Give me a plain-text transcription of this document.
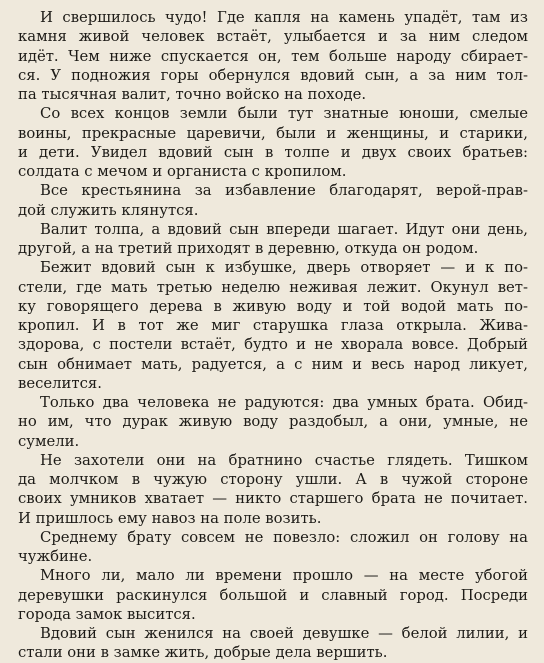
И свершилось чудо! Где капля на камень упадёт, там из
камня живой человек встаёт, улыбается и за ним следом
идёт. Чем ниже спускается он, тем больше народу сбирает-
ся. У подножия горы обернулся вдовий сын, а за ним тол-
па тысячная валит, точно войско на походе.

Со всех концов земли были тут знатные юноши, смелые
воины, прекрасные царевичи, были и женщины, и старики,
и дети. Увидел вдовий сын в толпе и двух своих братьев:
солдата с мечом и органиста с кропилом.

Все крестьянина за избавление благодарят, верой-прав-
дой служить клянутся.

Валит толпа, а вдовий сын впереди шагает. Идут они день,
другой, а на третий приходят в деревню, откуда он родом.

Бежит вдовий сын к избушке, дверь отворяет — и к по-
стели, где мать третью неделю неживая лежит. Окунул вет-
ку говорящего дерева в живую воду и той водой мать по-
кропил. И в тот же миг старушка глаза открыла. Жива-
здорова, с постели встаёт, будто и не хворала вовсе. Добрый
сын обнимает мать, радуется, а с ним и весь народ ликует,
веселится.

Только два человека не радуются: два умных брата. Обид-
но им, что дурак живую воду раздобыл, а они, умные, не
сумели.

Не захотели они на братнино счастье глядеть. Тишком
да молчком в чужую сторону ушли. А в чужой стороне
своих умников хватает — никто старшего брата не почитает.
И пришлось ему навоз на поле возить.

Среднему брату совсем не повезло: сложил он голову на
чужбине.

Много ли, мало ли времени прошло — на месте убогой
деревушки раскинулся большой и славный город. Посреди
города замок высится.

Вдовий сын женился на своей девушке — белой лилии, и
стали они в замке жить, добрые дела вершить.
